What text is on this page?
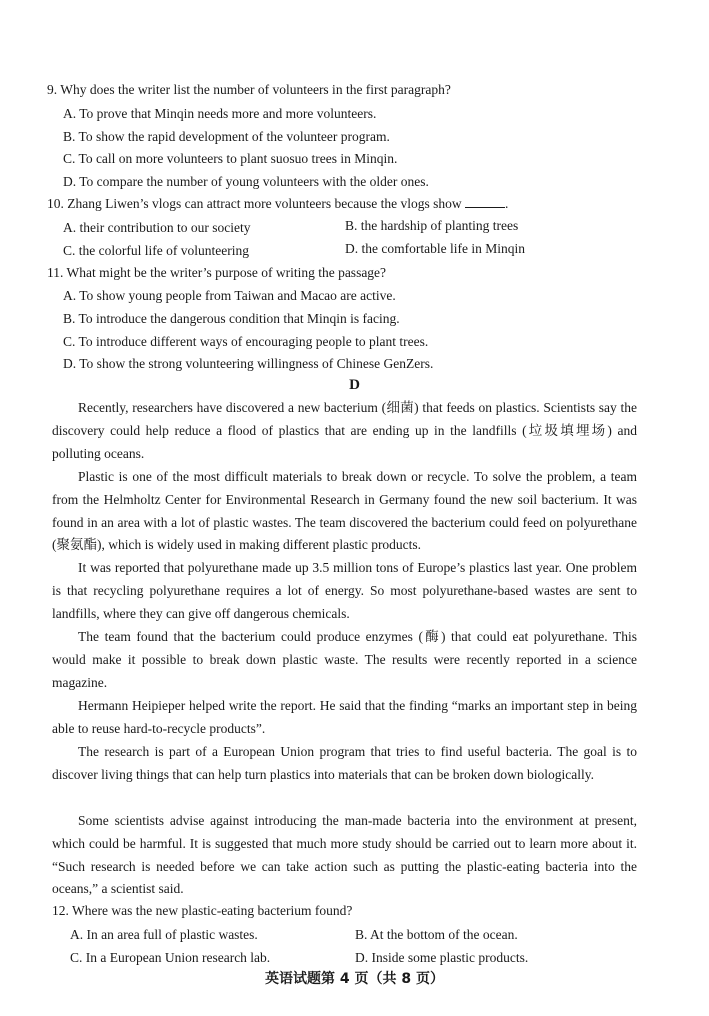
9. Why does the writer list the number of volunteers in the first paragraph?
A. To prove that Minqin needs more and more volunteers.
B. To show the rapid development of the volunteer program.
C. To call on more volunteers to plant suosuo trees in Minqin.
D. To compare the number of young volunteers with the older ones.
10. Zhang Liwen’s vlogs can attract more volunteers because the vlogs show	.
A. their contribution to our society	B. the hardship of planting trees
C. the colorful life of volunteering	D. the comfortable life in Minqin
11. What might be the writer’s purpose of writing the passage?
A. To show young people from Taiwan and Macao are active.
B. To introduce the dangerous condition that Minqin is facing.
C. To introduce different ways of encouraging people to plant trees.
D. To show the strong volunteering willingness of Chinese GenZers.
D

Recently, researchers have discovered a new bacterium (细菌) that feeds on plastics. Scientists say the discovery could help reduce a flood of plastics that are ending up in the landfills (垃圾填埋场) and polluting oceans.

Plastic is one of the most difficult materials to break down or recycle. To solve the problem, a team from the Helmholtz Center for Environmental Research in Germany found the new soil bacterium. It was found in an area with a lot of plastic wastes. The team discovered the bacterium could feed on polyurethane (聚氨酯), which is widely used in making different plastic products.

It was reported that polyurethane made up 3.5 million tons of Europe’s plastics last year. One problem is that recycling polyurethane requires a lot of energy. So most polyurethane-based wastes are sent to landfills, where they can give off dangerous chemicals.

The team found that the bacterium could produce enzymes (酶) that could eat polyurethane. This would make it possible to break down plastic waste. The results were recently reported in a science magazine.

Hermann Heipieper helped write the report. He said that the finding “marks an important step in being able to reuse hard-to-recycle products”.

The research is part of a European Union program that tries to find useful bacteria. The goal is to discover living things that can help turn plastics into materials that can be broken down biologically.

Some scientists advise against introducing the man-made bacteria into the environment at present, which could be harmful. It is suggested that much more study should be carried out to learn more about it. “Such research is needed before we can take action such as putting the plastic-eating bacteria into the oceans,” a scientist said.

12. Where was the new plastic-eating bacterium found?
A. In an area full of plastic wastes.	B. At the bottom of the ocean.
C. In a European Union research lab.	D. Inside some plastic products.
英语试题第 4 页（共 8 页）
